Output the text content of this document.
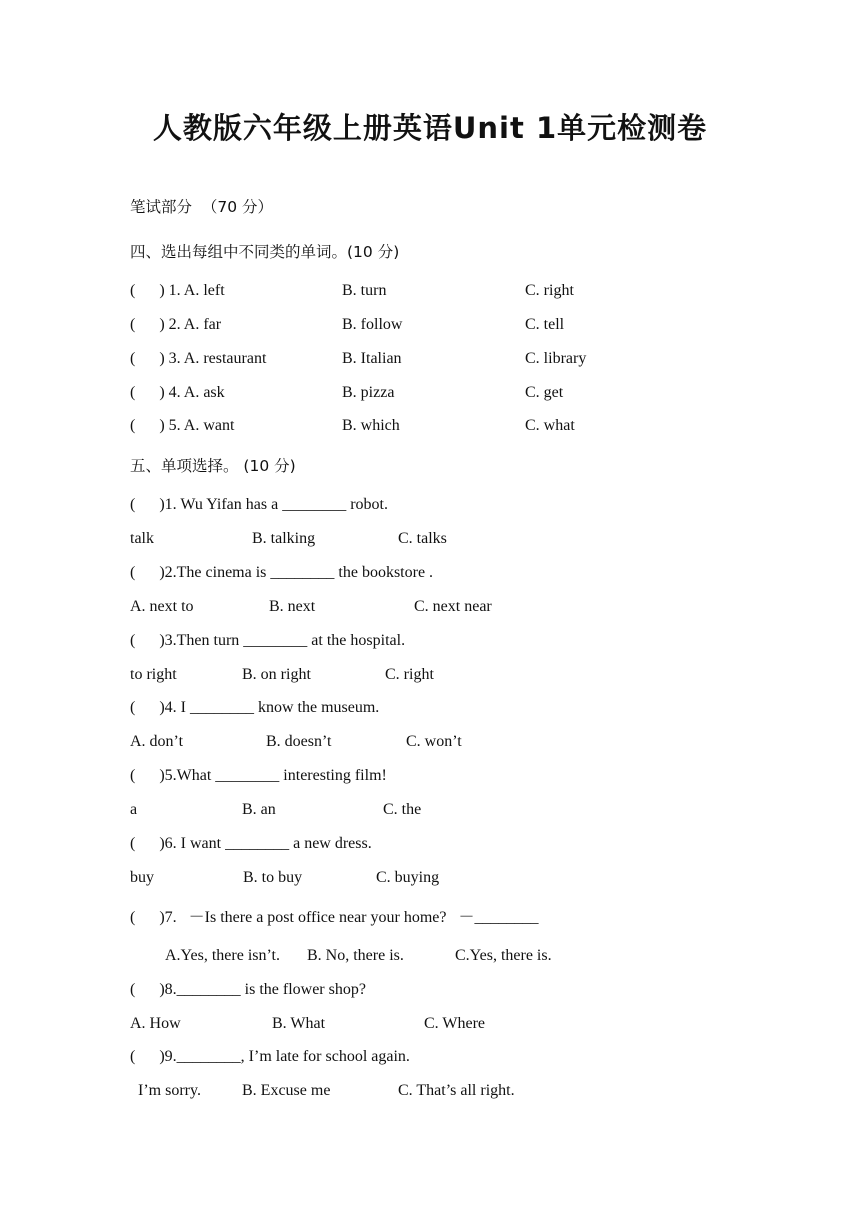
人教版六年级上册英语Unit 1单元检测卷
笔试部分  （70 分）
四、选出每组中不同类的单词。(10 分)
(      ) 1. A. left	B. turn	C. right
(      ) 2. A. far	B. follow	C. tell
(      ) 3. A. restaurant	B. Italian	C. library
(      ) 4. A. ask	B. pizza	C. get
(      ) 5. A. want	B. which	C. what
五、单项选择。 (10 分)
(      )1. Wu Yifan has a ________ robot.
talk	B. talking	C. talks
(      )2.The cinema is ________ the bookstore .
A. next to	B. next	C. next near
(      )3.Then turn ________ at the hospital.
to right	B. on right	C. right
(      )4. I ________ know the museum.
A. don’t	B. doesn’t	C. won’t
(      )5.What ________ interesting film!
a	B. an	C. the
(      )6. I want ________ a new dress.
buy	B. to buy	C. buying
(      )7.   －Is there a post office near your home?   －________
A.Yes, there isn’t. B. No, there is.	C.Yes, there is.
(      )8.________ is the flower shop?
A. How	B. What	C. Where
(      )9.________, I’m late for school again.
I’m sorry.	B. Excuse me	C. That’s all right.
